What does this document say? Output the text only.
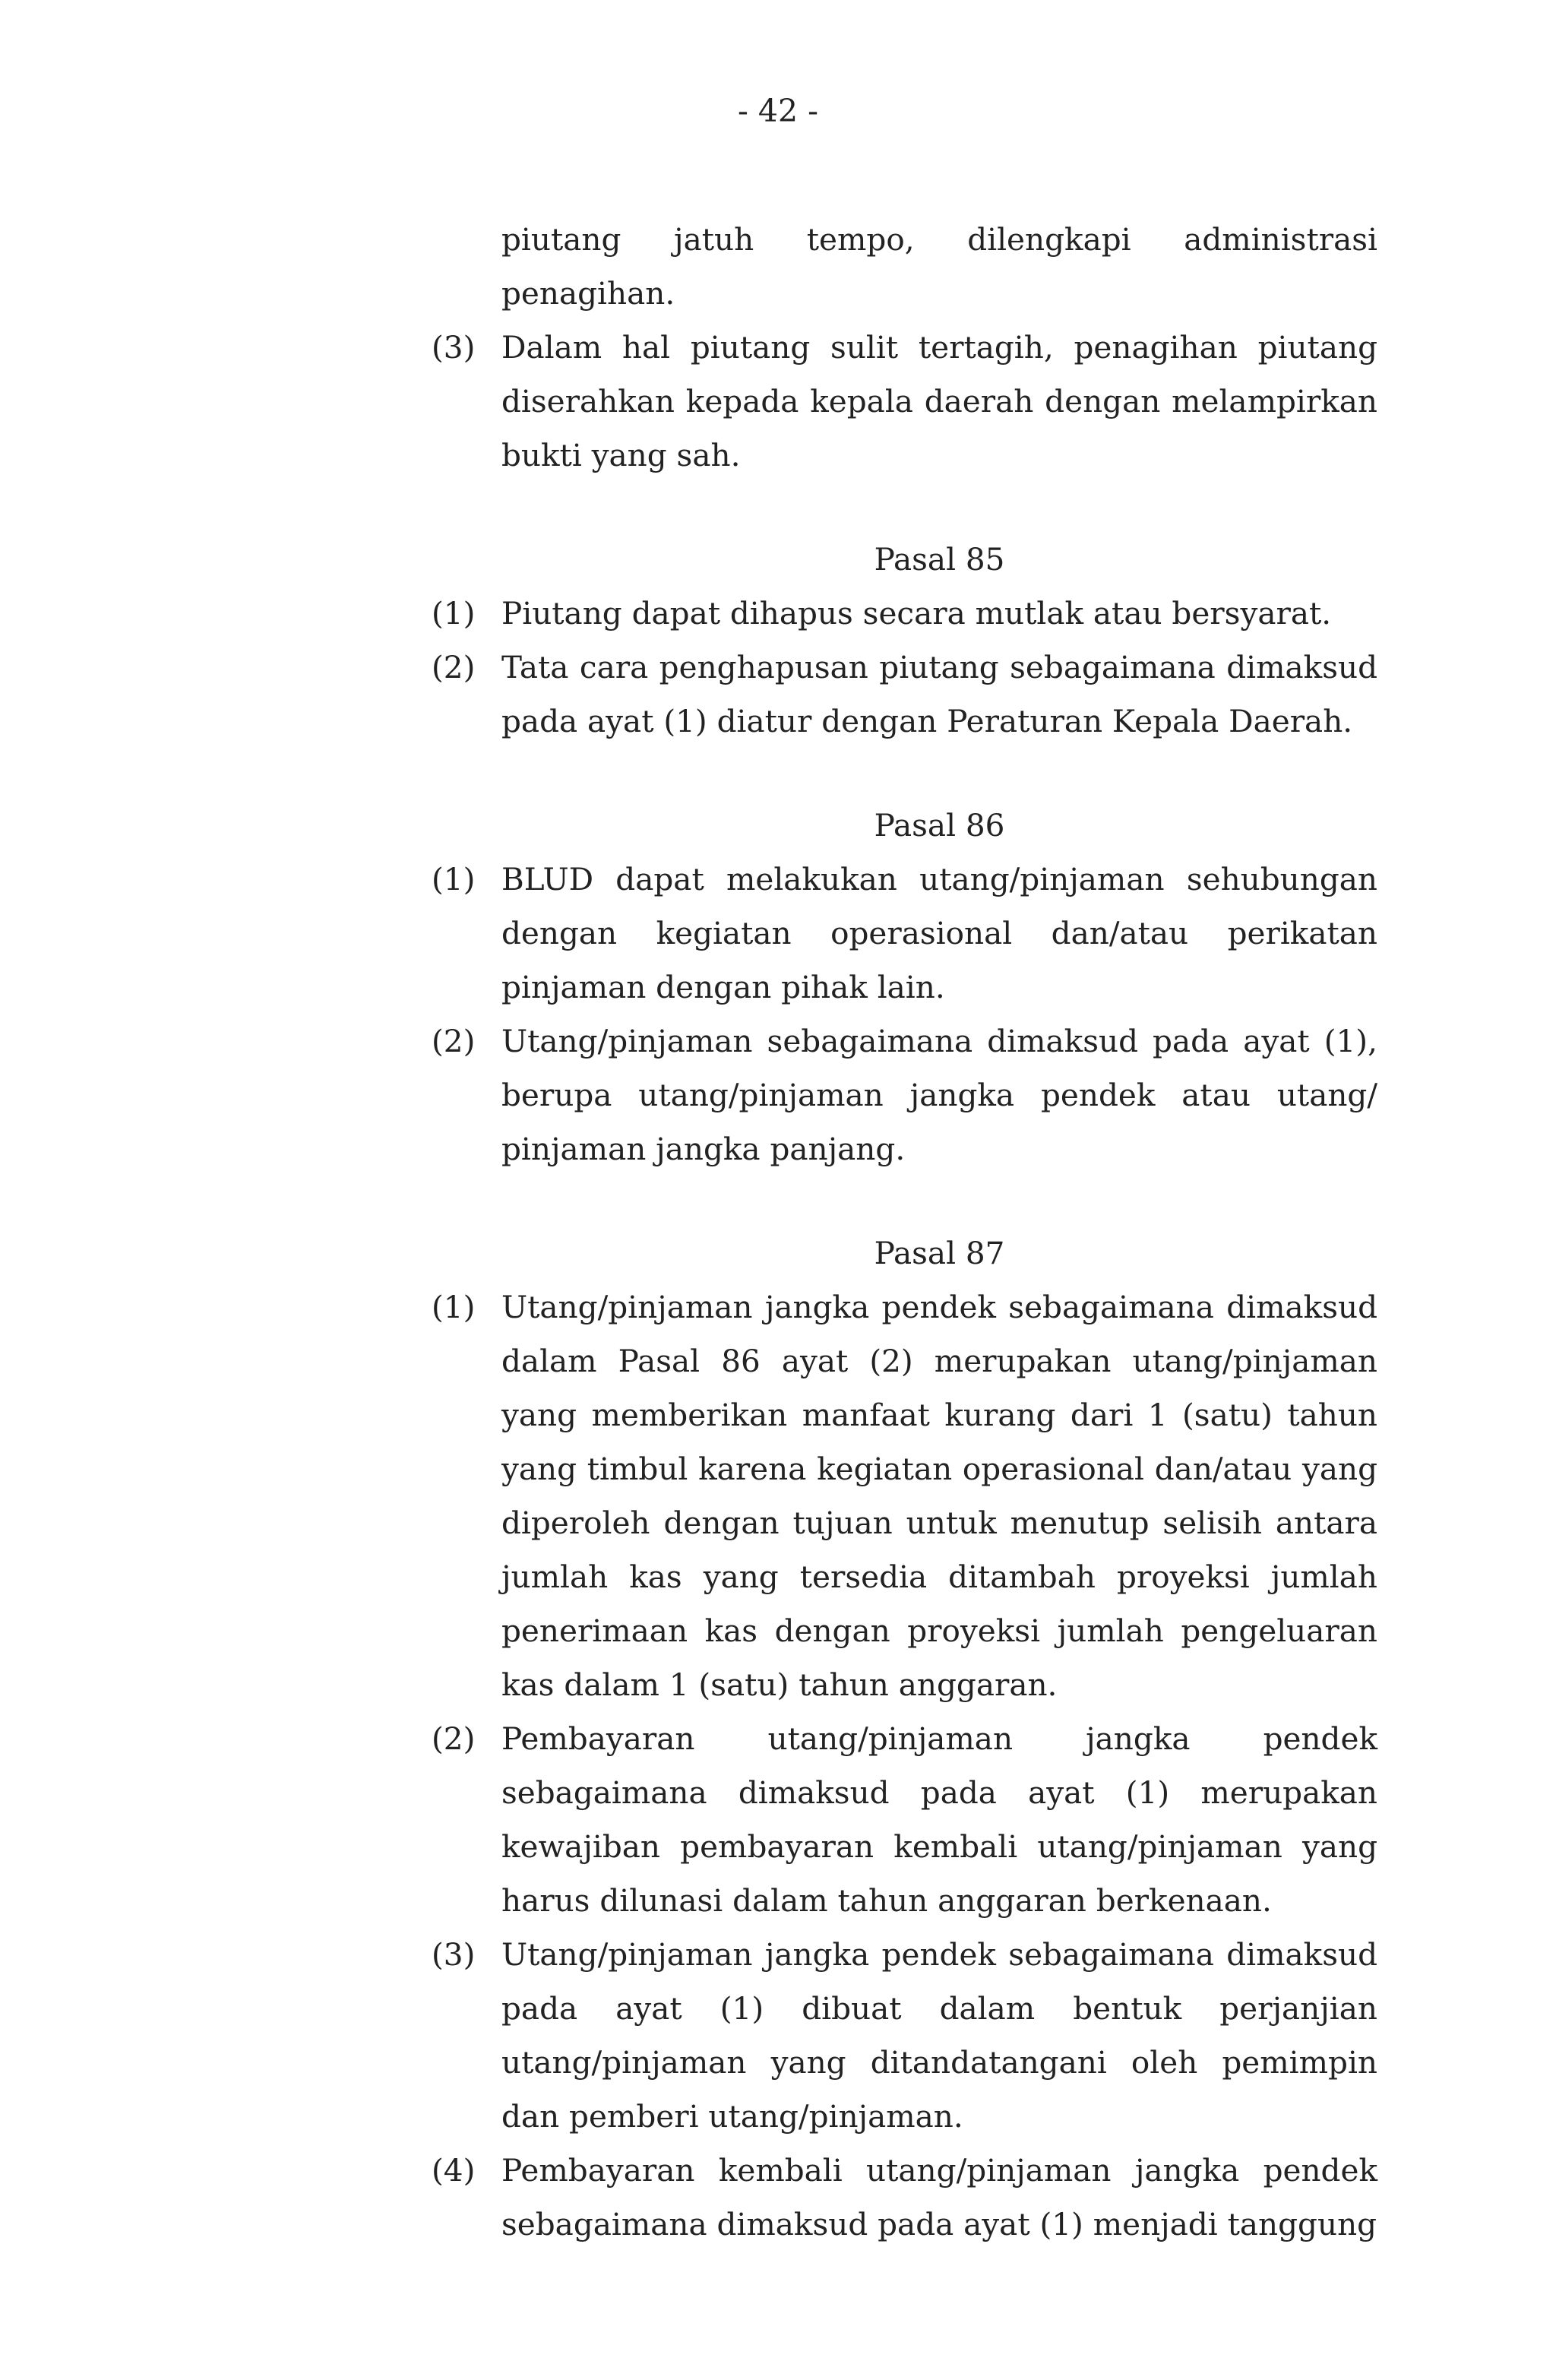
- 42 -
piutang jatuh tempo, dilengkapi administrasi penagihan.
(3) Dalam hal piutang sulit tertagih, penagihan piutang diserahkan kepada kepala daerah dengan melampirkan bukti yang sah.
Pasal 85
(1) Piutang dapat dihapus secara mutlak atau bersyarat.
(2) Tata cara penghapusan piutang sebagaimana dimaksud pada ayat (1) diatur dengan Peraturan Kepala Daerah.
Pasal 86
(1) BLUD dapat melakukan utang/pinjaman sehubungan dengan kegiatan operasional dan/atau perikatan pinjaman dengan pihak lain.
(2) Utang/pinjaman sebagaimana dimaksud pada ayat (1), berupa utang/pinjaman jangka pendek atau utang/ pinjaman jangka panjang.
Pasal 87
(1) Utang/pinjaman jangka pendek sebagaimana dimaksud dalam Pasal 86 ayat (2) merupakan utang/pinjaman yang memberikan manfaat kurang dari 1 (satu) tahun yang timbul karena kegiatan operasional dan/atau yang diperoleh dengan tujuan untuk menutup selisih antara jumlah kas yang tersedia ditambah proyeksi jumlah penerimaan kas dengan proyeksi jumlah pengeluaran kas dalam 1 (satu) tahun anggaran.
(2) Pembayaran utang/pinjaman jangka pendek sebagaimana dimaksud pada ayat (1) merupakan kewajiban pembayaran kembali utang/pinjaman yang harus dilunasi dalam tahun anggaran berkenaan.
(3) Utang/pinjaman jangka pendek sebagaimana dimaksud pada ayat (1) dibuat dalam bentuk perjanjian utang/pinjaman yang ditandatangani oleh pemimpin dan pemberi utang/pinjaman.
(4) Pembayaran kembali utang/pinjaman jangka pendek sebagaimana dimaksud pada ayat (1) menjadi tanggung
